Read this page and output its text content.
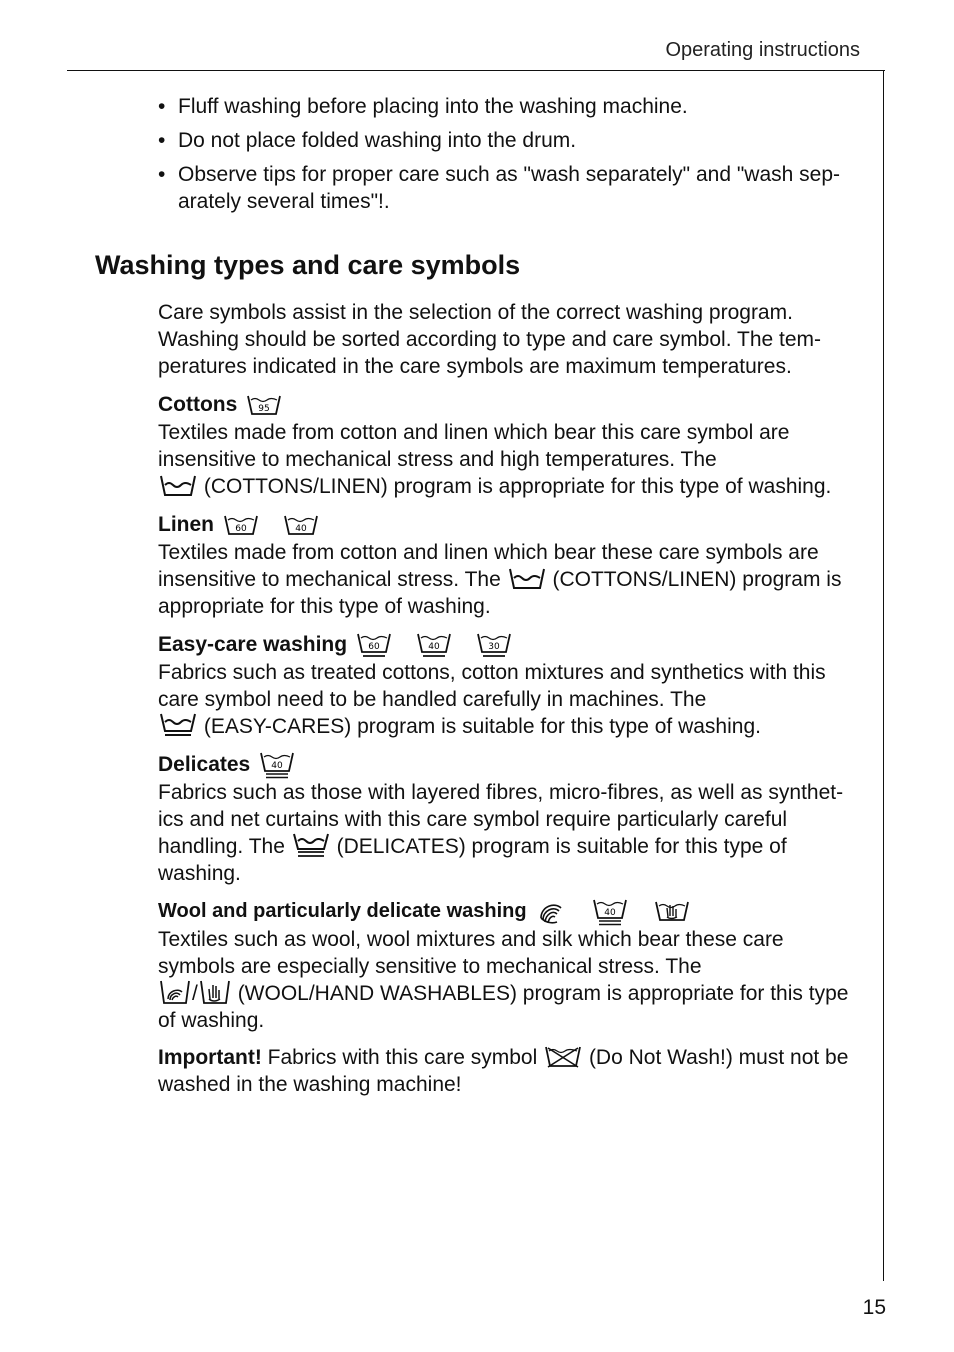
Operating instructions
• Fluff washing before placing into the washing machine.
• Do not place folded washing into the drum.
• Observe tips for proper care such as "wash separately" and "wash sep-arately several times"!.
Washing types and care symbols

Care symbols assist in the selection of the correct washing program. Washing should be sorted according to type and care symbol. The tem-peratures indicated in the care symbols are maximum temperatures.

Cottons 95

Textiles made from cotton and linen which bear this care symbol are insensitive to mechanical stress and high temperatures. The

(COTTONS/LINEN) program is appropriate for this type of washing.

Linen 60	40

Textiles made from cotton and linen which bear these care symbols are insensitive to mechanical stress. The (COTTONS/LINEN) program is appropriate for this type of washing.

Easy-care washing 60	40	30

Fabrics such as treated cottons, cotton mixtures and synthetics with this care symbol need to be handled carefully in machines. The

(EASY-CARES) program is suitable for this type of washing.

Delicates 40

Fabrics such as those with layered fibres, micro-fibres, as well as synthet-ics and net curtains with this care symbol require particularly careful handling. The (DELICATES) program is suitable for this type of washing.

Wool and particularly delicate washing	40

Textiles such as wool, wool mixtures and silk which bear these care symbols are especially sensitive to mechanical stress. The

/ (WOOL/HAND WASHABLES) program is appropriate for this type of washing.

Important! Fabrics with this care symbol (Do Not Wash!) must not be washed in the washing machine!

15
